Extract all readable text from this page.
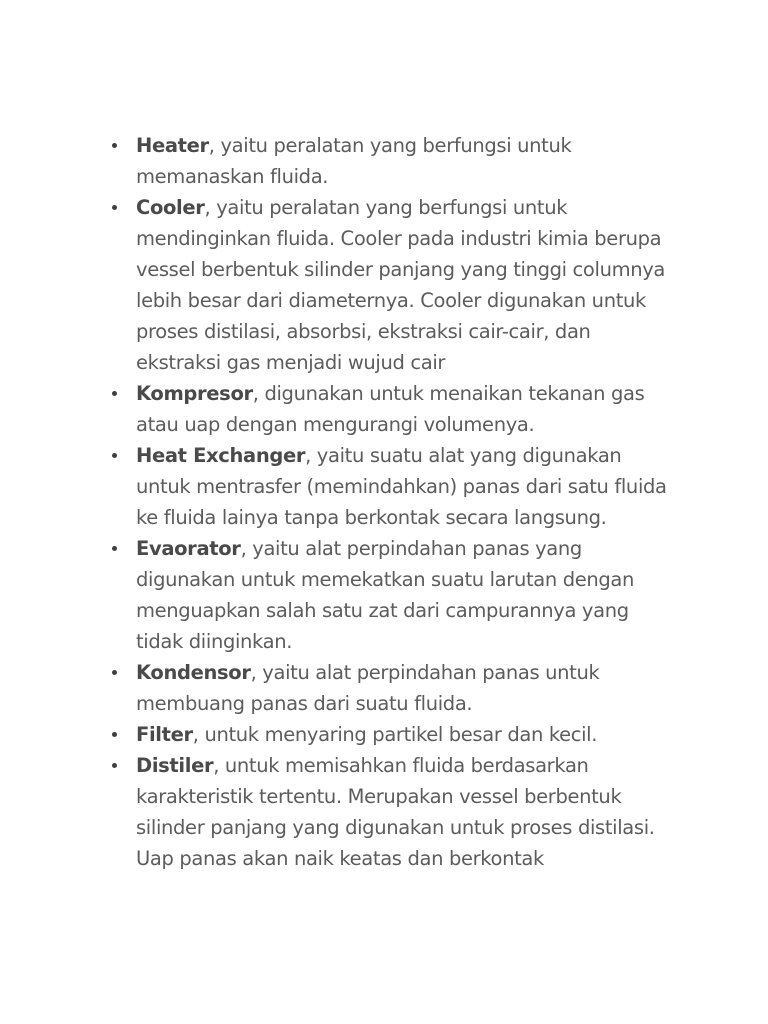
Heater, yaitu peralatan yang berfungsi untuk memanaskan fluida.
Cooler, yaitu peralatan yang berfungsi untuk mendinginkan fluida. Cooler pada industri kimia berupa vessel berbentuk silinder panjang yang tinggi columnya lebih besar dari diameternya. Cooler digunakan untuk proses distilasi, absorbsi, ekstraksi cair-cair, dan ekstraksi gas menjadi wujud cair
Kompresor, digunakan untuk menaikan tekanan gas atau uap dengan mengurangi volumenya.
Heat Exchanger, yaitu suatu alat yang digunakan untuk mentrasfer (memindahkan) panas dari satu fluida ke fluida lainya tanpa berkontak secara langsung.
Evaorator, yaitu alat perpindahan panas yang digunakan untuk memekatkan suatu larutan dengan menguapkan salah satu zat dari campurannya yang tidak diinginkan.
Kondensor, yaitu alat perpindahan panas untuk membuang panas dari suatu fluida.
Filter, untuk menyaring partikel besar dan kecil.
Distiler, untuk memisahkan fluida berdasarkan karakteristik tertentu. Merupakan vessel berbentuk silinder panjang yang digunakan untuk proses distilasi. Uap panas akan naik keatas dan berkontak
